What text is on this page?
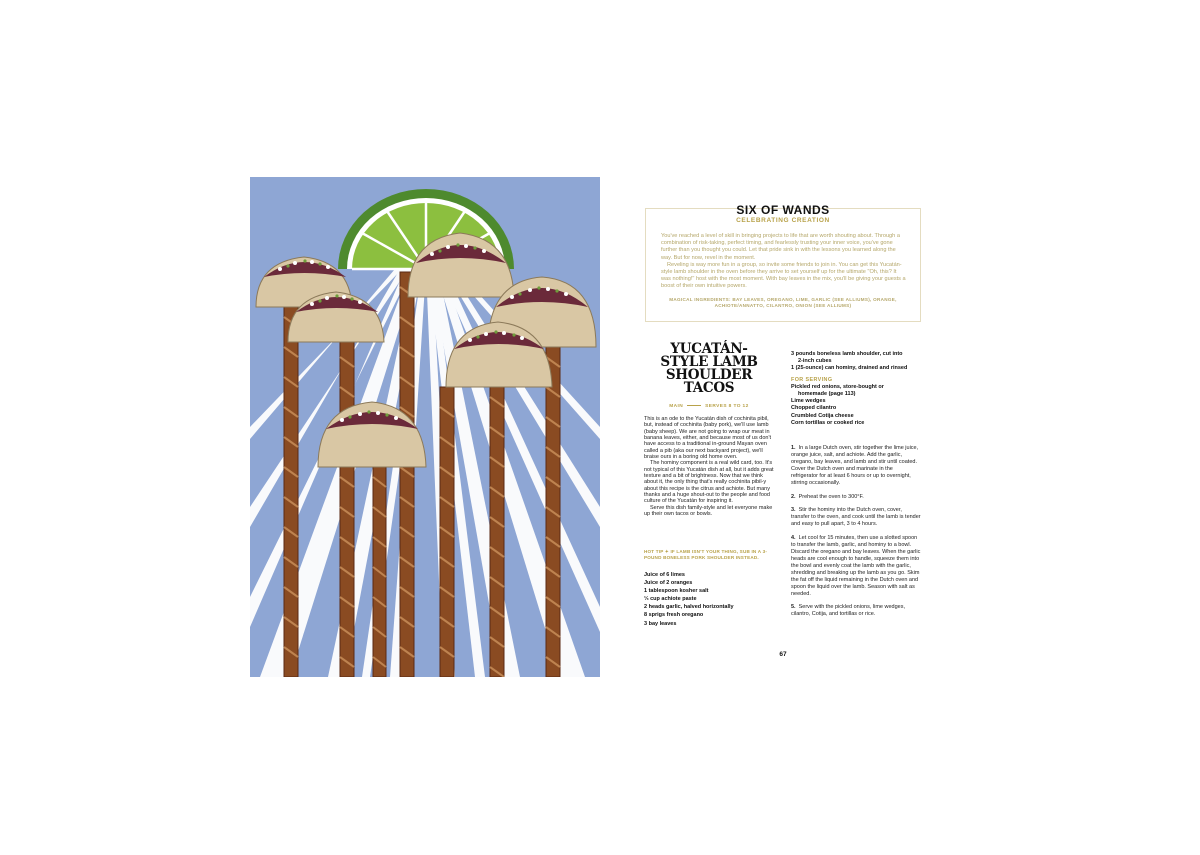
SIX OF WANDS
CELEBRATING CREATION

You've reached a level of skill in bringing projects to life that are worth shouting about. Through a combination of risk-taking, perfect timing, and fearlessly trusting your inner voice, you've gone further than you thought you could. Let that pride sink in with the lessons you learned along the way. But for now, revel in the moment.

Reveling is way more fun in a group, so invite some friends to join in. You can get this Yucatán-style lamb shoulder in the oven before they arrive to set yourself up for the ultimate "Oh, this? It was nothing!" host with the most moment. With bay leaves in the mix, you'll be giving your guests a boost of their own intuitive powers.

MAGICAL INGREDIENTS: BAY LEAVES, OREGANO, LIME, GARLIC (SEE ALLIUMS), ORANGE, ACHIOTE/ANNATTO, CILANTRO, ONION (SEE ALLIUMS)
YUCATÁN-
STYLE LAMB
SHOULDER
TACOS
MAIN	SERVES 8 TO 12

This is an ode to the Yucatán dish of cochinita pibil, but, instead of cochinita (baby pork), we'll use lamb (baby sheep). We are not going to wrap our meat in banana leaves, either, and because most of us don't have access to a traditional in-ground Mayan oven called a pib (aka our next backyard project), we'll braise ours in a boring old home oven.

The hominy component is a real wild card, too. It's not typical of this Yucatán dish at all, but it adds great texture and a bit of brightness. Now that we think about it, the only thing that's really cochinita pibil-y about this recipe is the citrus and achiote. But many thanks and a huge shout-out to the people and food culture of the Yucatán for inspiring it.

Serve this dish family-style and let everyone make up their own tacos or bowls.

HOT TIP ✦ IF LAMB ISN'T YOUR THING, SUB IN A 3-POUND BONELESS PORK SHOULDER INSTEAD.
Juice of 6 limes
Juice of 2 oranges
1 tablespoon kosher salt
⅓ cup achiote paste
2 heads garlic, halved horizontally
8 sprigs fresh oregano
3 bay leaves
3 pounds boneless lamb shoulder, cut into
2-inch cubes
1 (25-ounce) can hominy, drained and rinsed
FOR SERVING
Pickled red onions, store-bought or
homemade (page 113)
Lime wedges
Chopped cilantro
Crumbled Cotija cheese
Corn tortillas or cooked rice

1. In a large Dutch oven, stir together the lime juice, orange juice, salt, and achiote. Add the garlic, oregano, bay leaves, and lamb and stir until coated. Cover the Dutch oven and marinate in the refrigerator for at least 6 hours or up to overnight, stirring occasionally.

2. Preheat the oven to 300°F.

3. Stir the hominy into the Dutch oven, cover, transfer to the oven, and cook until the lamb is tender and easy to pull apart, 3 to 4 hours.

4. Let cool for 15 minutes, then use a slotted spoon to transfer the lamb, garlic, and hominy to a bowl. Discard the oregano and bay leaves. When the garlic heads are cool enough to handle, squeeze them into the bowl and evenly coat the lamb with the garlic, shredding and breaking up the lamb as you go. Skim the fat off the liquid remaining in the Dutch oven and spoon the liquid over the lamb. Season with salt as needed.

5. Serve with the pickled onions, lime wedges, cilantro, Cotija, and tortillas or rice.

67
